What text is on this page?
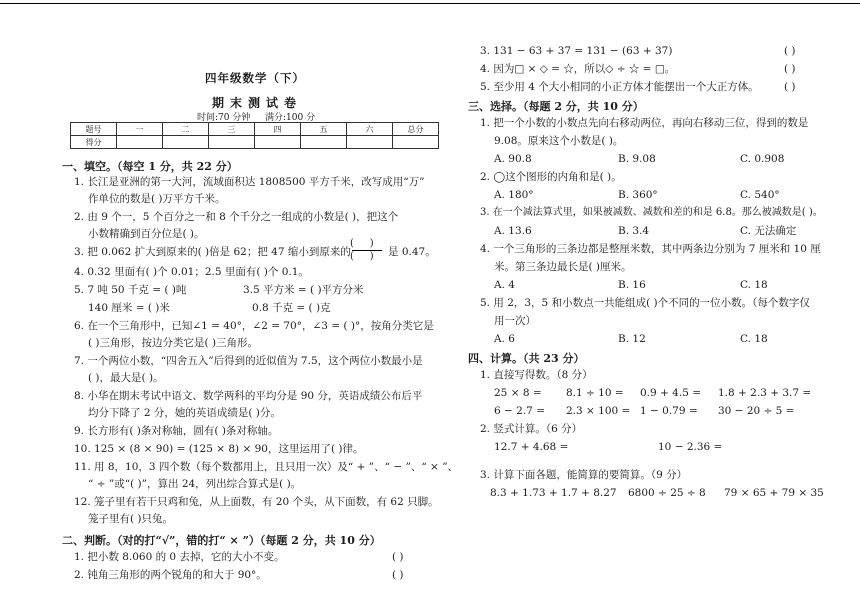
四年级数学（下）
期末测试卷
时间:70 分钟 满分:100 分
题号	一	二	三	四	五	六	总分
得分							
一、填空。（每空 1 分，共 22 分）
1. 长江是亚洲的第一大河，流域面积达 1808500 平方千米，改写成用“万”
作单位的数是( )万平方千米。
2. 由 9 个一，5 个百分之一和 8 个千分之一组成的小数是( )，把这个
小数精确到百分位是( )。
3. 把 0.062 扩大到原来的( )倍是 62；把 47 缩小到原来的
(     )
(     ) 是 0.47。
4. 0.32 里面有( )个 0.01；2.5 里面有( )个 0.1。
5. 7 吨 50 千克 = ( )吨	3.5 平方米 = ( )平方分米
140 厘米 = ( )米	0.8 千克 = ( )克
6. 在一个三角形中，已知∠1 = 40°，∠2 = 70°，∠3 = ( )°，按角分类它是
( )三角形，按边分类它是( )三角形。
7. 一个两位小数，“四舍五入”后得到的近似值为 7.5，这个两位小数最小是
( )，最大是( )。
8. 小华在期末考试中语文、数学两科的平均分是 90 分，英语成绩公布后平
均分下降了 2 分，她的英语成绩是( )分。
9. 长方形有( )条对称轴，圆有( )条对称轴。
10. 125 × (8 × 90) = (125 × 8) × 90，这里运用了( )律。
11. 用 8，10，3 四个数（每个数都用上，且只用一次）及“ + ”、“ − ”、“ × ”、
“ ÷ ”或“( )”，算出 24，列出综合算式是( )。
12. 笼子里有若干只鸡和兔，从上面数，有 20 个头，从下面数，有 62 只脚。
笼子里有( )只兔。
二、判断。（对的打“√”，错的打“ × ”）（每题 2 分，共 10 分）
1. 把小数 8.060 的 0 去掉，它的大小不变。	( )
2. 钝角三角形的两个锐角的和大于 90°。	( )
3. 131 − 63 + 37 = 131 − (63 + 37)	( )
4. 因为□ × ◇ = ☆，所以◇ ÷ ☆ = □。	( )
5. 至少用 4 个大小相同的小正方体才能摆出一个大正方体。 ( )
三、选择。（每题 2 分，共 10 分）
1. 把一个小数的小数点先向右移动两位，再向右移动三位，得到的数是
9.08。原来这个小数是( )。
A. 90.8	B. 9.08	C. 0.908
2. ◯这个图形的内角和是( )。
A. 180°	B. 360°	C. 540°
3. 在一个减法算式里，如果被减数、减数和差的和是 6.8。那么被减数是( )。
A. 13.6	B. 3.4	C. 无法确定
4. 一个三角形的三条边都是整厘米数，其中两条边分别为 7 厘米和 10 厘
米。第三条边最长是( )厘米。
A. 4	B. 16	C. 18
5. 用 2，3，5 和小数点一共能组成( )个不同的一位小数。（每个数字仅
用一次）
A. 6	B. 12	C. 18
四、计算。（共 23 分）
1. 直接写得数。（8 分）
25 × 8 = 8.1 ÷ 10 = 0.9 + 4.5 = 1.8 + 2.3 + 3.7 =
6 − 2.7 = 2.3 × 100 = 1 − 0.79 = 30 − 20 ÷ 5 =
2. 竖式计算。（6 分）
12.7 + 4.68 =	10 − 2.36 =
3. 计算下面各题，能简算的要简算。（9 分）
8.3 + 1.73 + 1.7 + 8.27 6800 ÷ 25 ÷ 8 79 × 65 + 79 × 35
